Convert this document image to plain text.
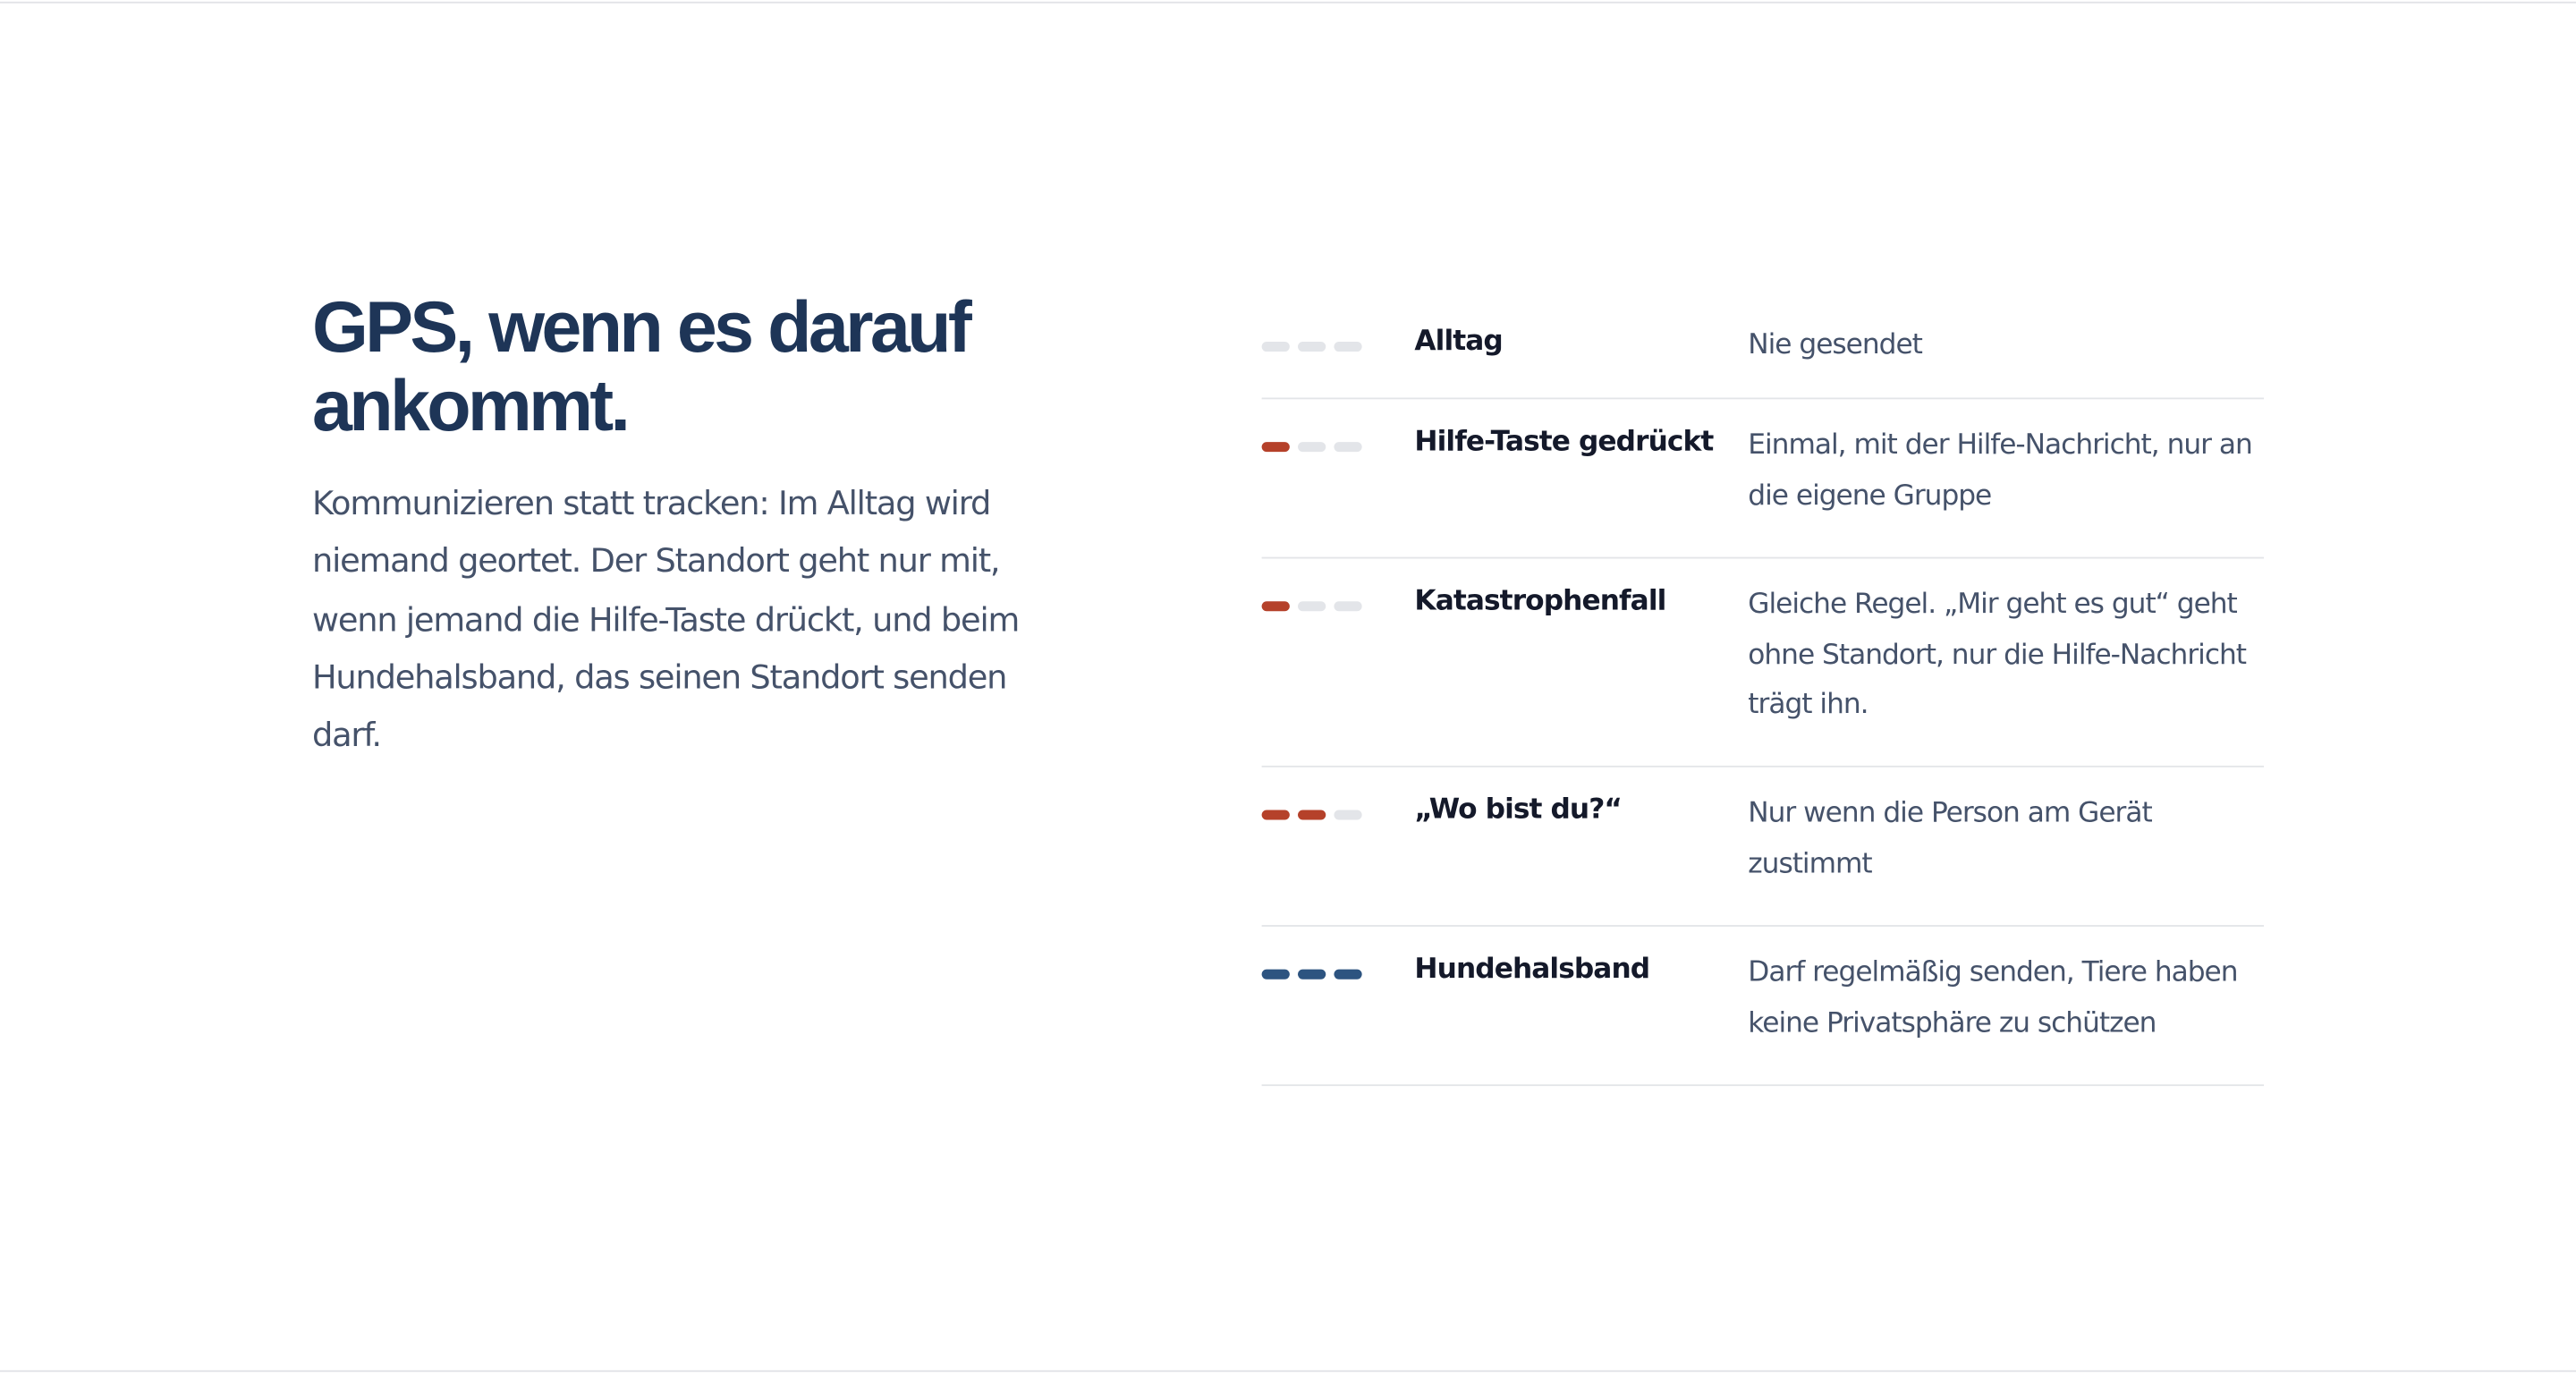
GPS, wenn es darauf ankommt.

Kommunizieren statt tracken: Im Alltag wird niemand geortet. Der Standort geht nur mit, wenn jemand die Hilfe-Taste drückt, und beim Hundehalsband, das seinen Standort senden darf.

Alltag	Nie gesendet
Hilfe-Taste gedrückt	Einmal, mit der Hilfe-Nachricht, nur an die eigene Gruppe
Katastrophenfall	Gleiche Regel. „Mir geht es gut“ geht ohne Standort, nur die Hilfe-Nachricht trägt ihn.
„Wo bist du?“	Nur wenn die Person am Gerät zustimmt
Hundehalsband	Darf regelmäßig senden, Tiere haben keine Privatsphäre zu schützen
